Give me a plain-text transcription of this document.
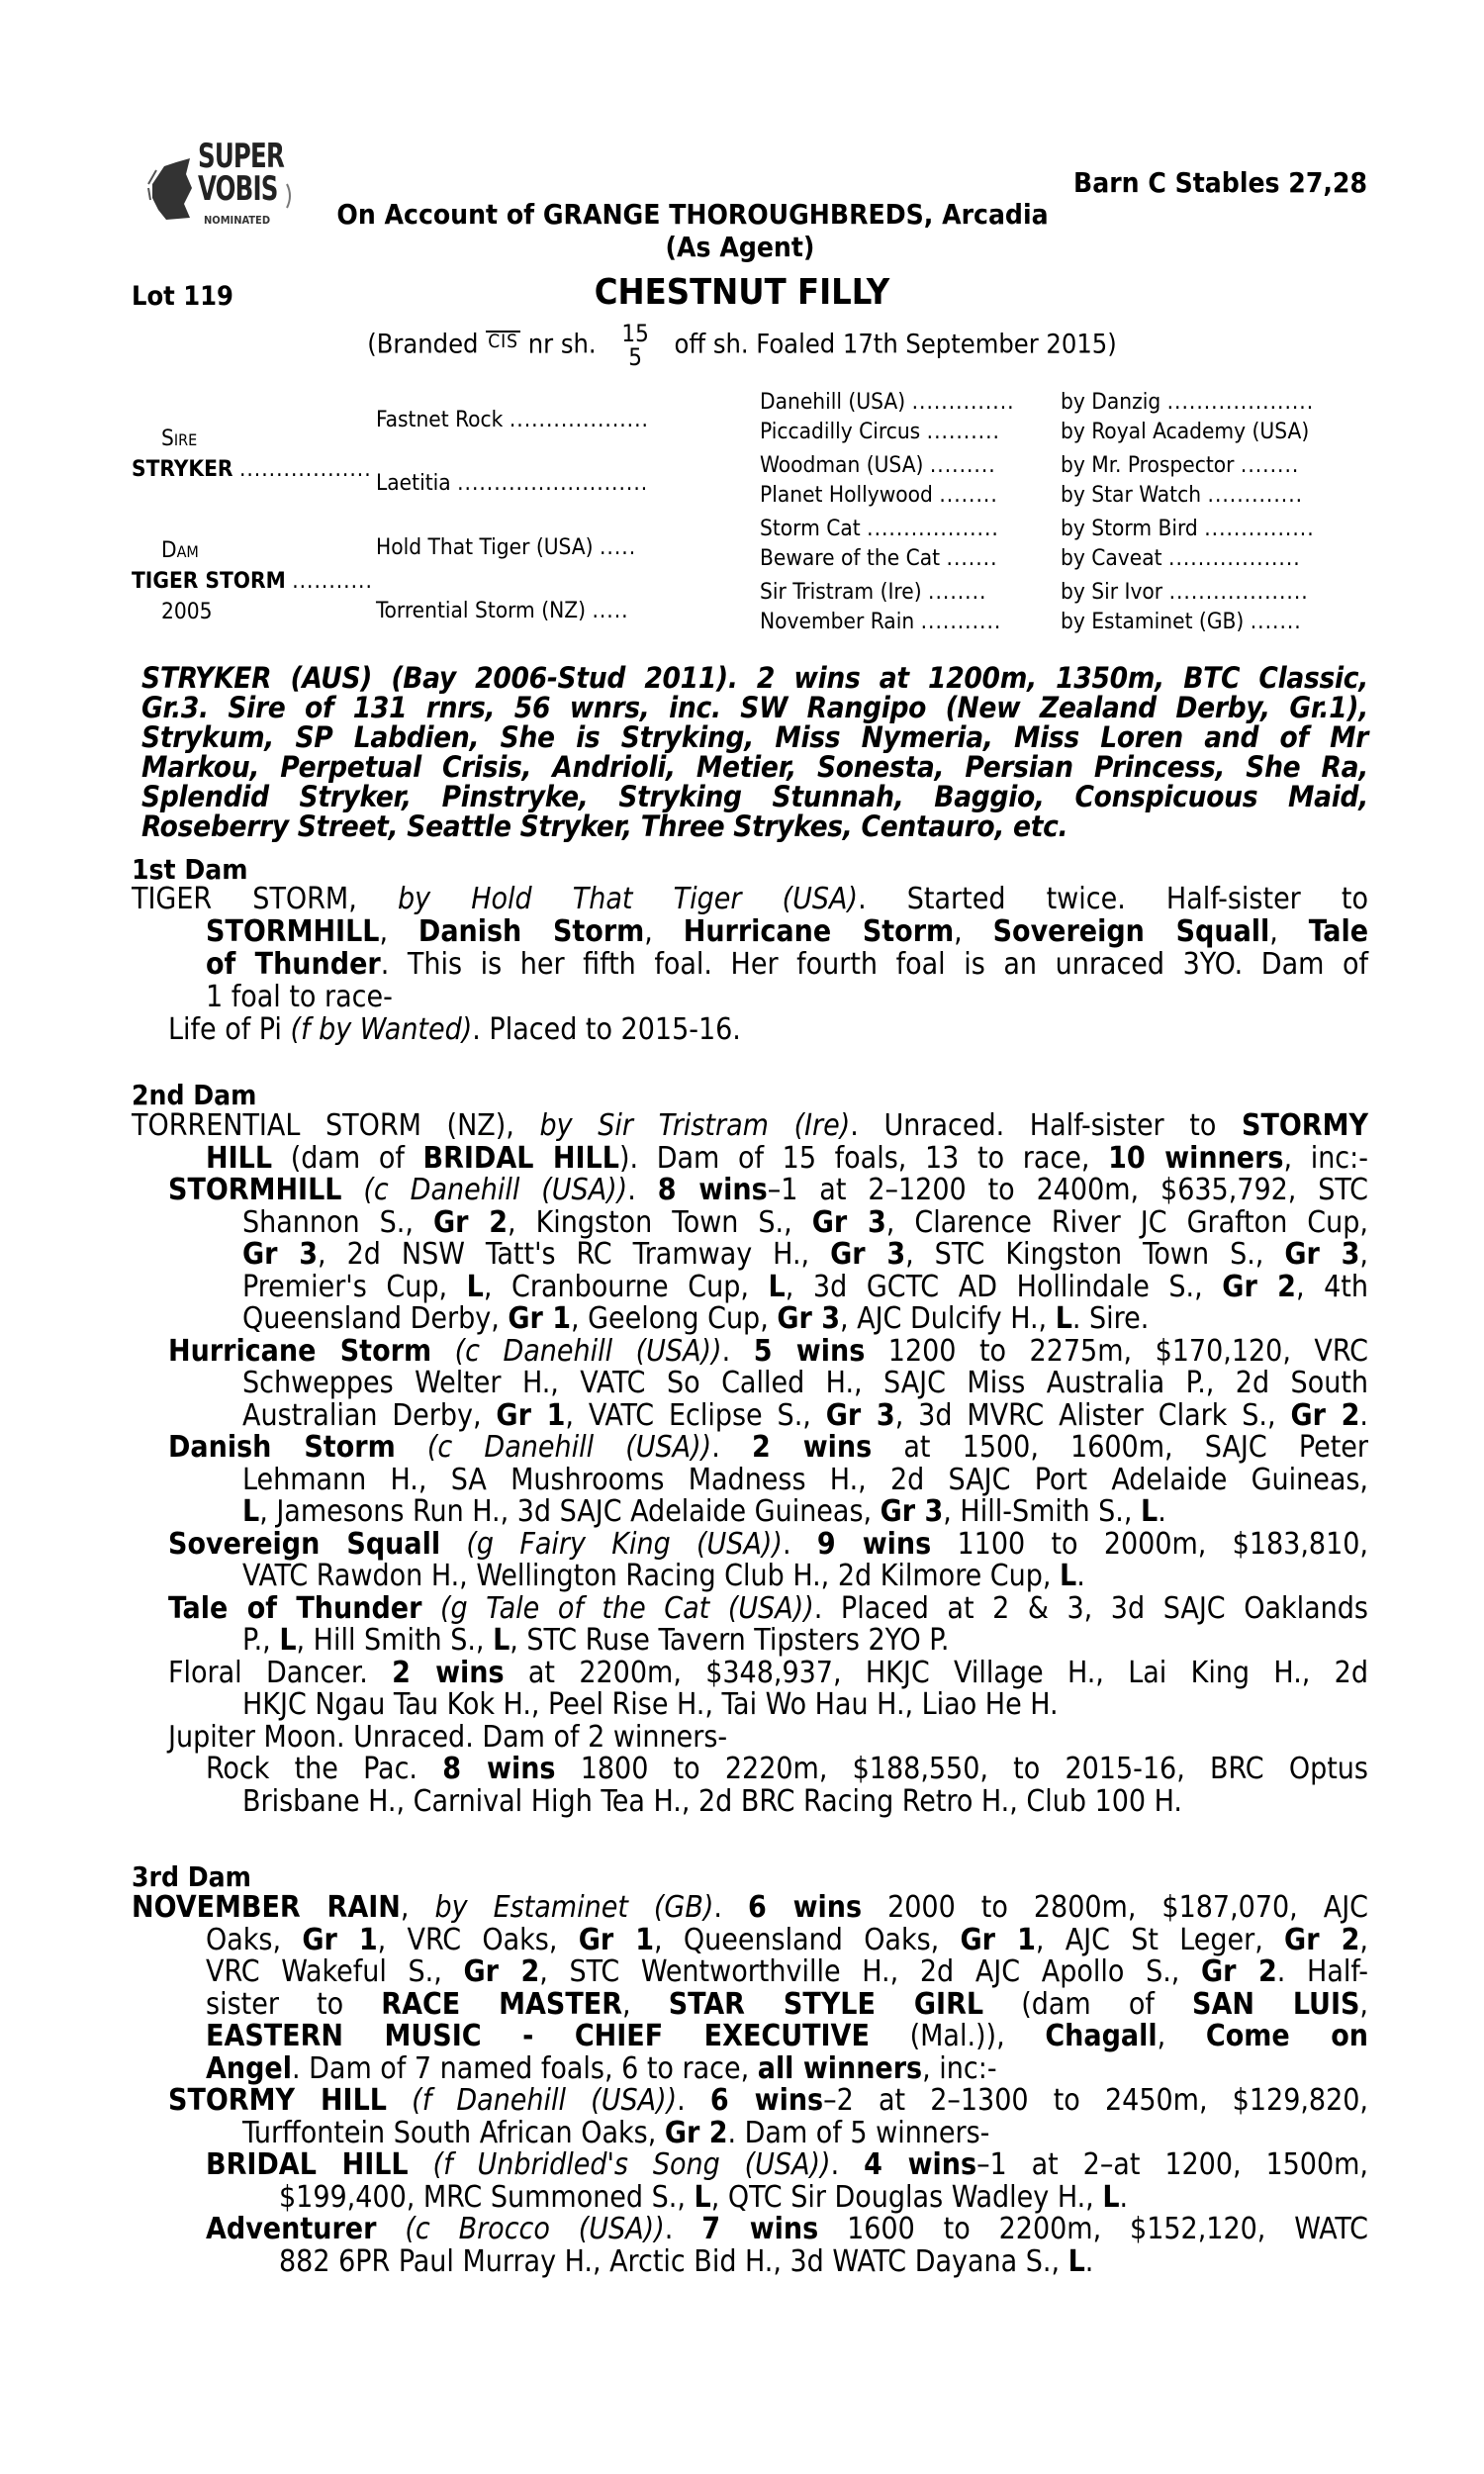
SUPER
VOBIS
NOMINATED
Barn C Stables 27,28
On Account of GRANGE THOROUGHBREDS, Arcadia
(As Agent)
Lot 119	CHESTNUT FILLY
(Branded CIS nr sh. 15
5 off sh. Foaled 17th September 2015)
Sire
STRYKER ..................
Dam
TIGER STORM ...........
2005
Fastnet Rock ...................
Laetitia ..........................
Hold That Tiger (USA) .....
Torrential Storm (NZ) .....
Danehill (USA) .............. by Danzig ....................
Piccadilly Circus ..........	by Royal Academy (USA)
Woodman (USA) .........	by Mr. Prospector ........
Planet Hollywood ........	by Star Watch .............
Storm Cat ..................	by Storm Bird ...............
Beware of the Cat .......	by Caveat ..................
Sir Tristram (Ire) ........	by Sir Ivor ...................
November Rain ...........	by Estaminet (GB) .......
STRYKER (AUS) (Bay 2006-Stud 2011). 2 wins at 1200m, 1350m, BTC Classic,
Gr.3. Sire of 131 rnrs, 56 wnrs, inc. SW Rangipo (New Zealand Derby, Gr.1),
Strykum, SP Labdien, She is Stryking, Miss Nymeria, Miss Loren and of Mr
Markou, Perpetual Crisis, Andrioli, Metier, Sonesta, Persian Princess, She Ra,
Splendid Stryker, Pinstryke, Stryking Stunnah, Baggio, Conspicuous Maid,
Roseberry Street, Seattle Stryker, Three Strykes, Centauro, etc.
1st Dam
TIGER STORM, by Hold That Tiger (USA). Started twice. Half-sister to
STORMHILL, Danish Storm, Hurricane Storm, Sovereign Squall, Tale
of Thunder. This is her fifth foal. Her fourth foal is an unraced 3YO. Dam of
1 foal to race-
Life of Pi (f by Wanted). Placed to 2015-16.
2nd Dam
TORRENTIAL STORM (NZ), by Sir Tristram (Ire). Unraced. Half-sister to STORMY
HILL (dam of BRIDAL HILL). Dam of 15 foals, 13 to race, 10 winners, inc:-
STORMHILL (c Danehill (USA)). 8 wins–1 at 2–1200 to 2400m, $635,792, STC
Shannon S., Gr 2, Kingston Town S., Gr 3, Clarence River JC Grafton Cup,
Gr 3, 2d NSW Tatt's RC Tramway H., Gr 3, STC Kingston Town S., Gr 3,
Premier's Cup, L, Cranbourne Cup, L, 3d GCTC AD Hollindale S., Gr 2, 4th
Queensland Derby, Gr 1, Geelong Cup, Gr 3, AJC Dulcify H., L. Sire.
Hurricane Storm (c Danehill (USA)). 5 wins 1200 to 2275m, $170,120, VRC
Schweppes Welter H., VATC So Called H., SAJC Miss Australia P., 2d South
Australian Derby, Gr 1, VATC Eclipse S., Gr 3, 3d MVRC Alister Clark S., Gr 2.
Danish Storm (c Danehill (USA)). 2 wins at 1500, 1600m, SAJC Peter
Lehmann H., SA Mushrooms Madness H., 2d SAJC Port Adelaide Guineas,
L, Jamesons Run H., 3d SAJC Adelaide Guineas, Gr 3, Hill-Smith S., L.
Sovereign Squall (g Fairy King (USA)). 9 wins 1100 to 2000m, $183,810,
VATC Rawdon H., Wellington Racing Club H., 2d Kilmore Cup, L.
Tale of Thunder (g Tale of the Cat (USA)). Placed at 2 & 3, 3d SAJC Oaklands
P., L, Hill Smith S., L, STC Ruse Tavern Tipsters 2YO P.
Floral Dancer. 2 wins at 2200m, $348,937, HKJC Village H., Lai King H., 2d
HKJC Ngau Tau Kok H., Peel Rise H., Tai Wo Hau H., Liao He H.
Jupiter Moon. Unraced. Dam of 2 winners-
Rock the Pac. 8 wins 1800 to 2220m, $188,550, to 2015-16, BRC Optus
Brisbane H., Carnival High Tea H., 2d BRC Racing Retro H., Club 100 H.
3rd Dam
NOVEMBER RAIN, by Estaminet (GB). 6 wins 2000 to 2800m, $187,070, AJC
Oaks, Gr 1, VRC Oaks, Gr 1, Queensland Oaks, Gr 1, AJC St Leger, Gr 2,
VRC Wakeful S., Gr 2, STC Wentworthville H., 2d AJC Apollo S., Gr 2. Half-
sister to RACE MASTER, STAR STYLE GIRL (dam of SAN LUIS,
EASTERN MUSIC - CHIEF EXECUTIVE (Mal.)), Chagall, Come on
Angel. Dam of 7 named foals, 6 to race, all winners, inc:-
STORMY HILL (f Danehill (USA)). 6 wins–2 at 2–1300 to 2450m, $129,820,
Turffontein South African Oaks, Gr 2. Dam of 5 winners-
BRIDAL HILL (f Unbridled's Song (USA)). 4 wins–1 at 2–at 1200, 1500m,
$199,400, MRC Summoned S., L, QTC Sir Douglas Wadley H., L.
Adventurer (c Brocco (USA)). 7 wins 1600 to 2200m, $152,120, WATC
882 6PR Paul Murray H., Arctic Bid H., 3d WATC Dayana S., L.
